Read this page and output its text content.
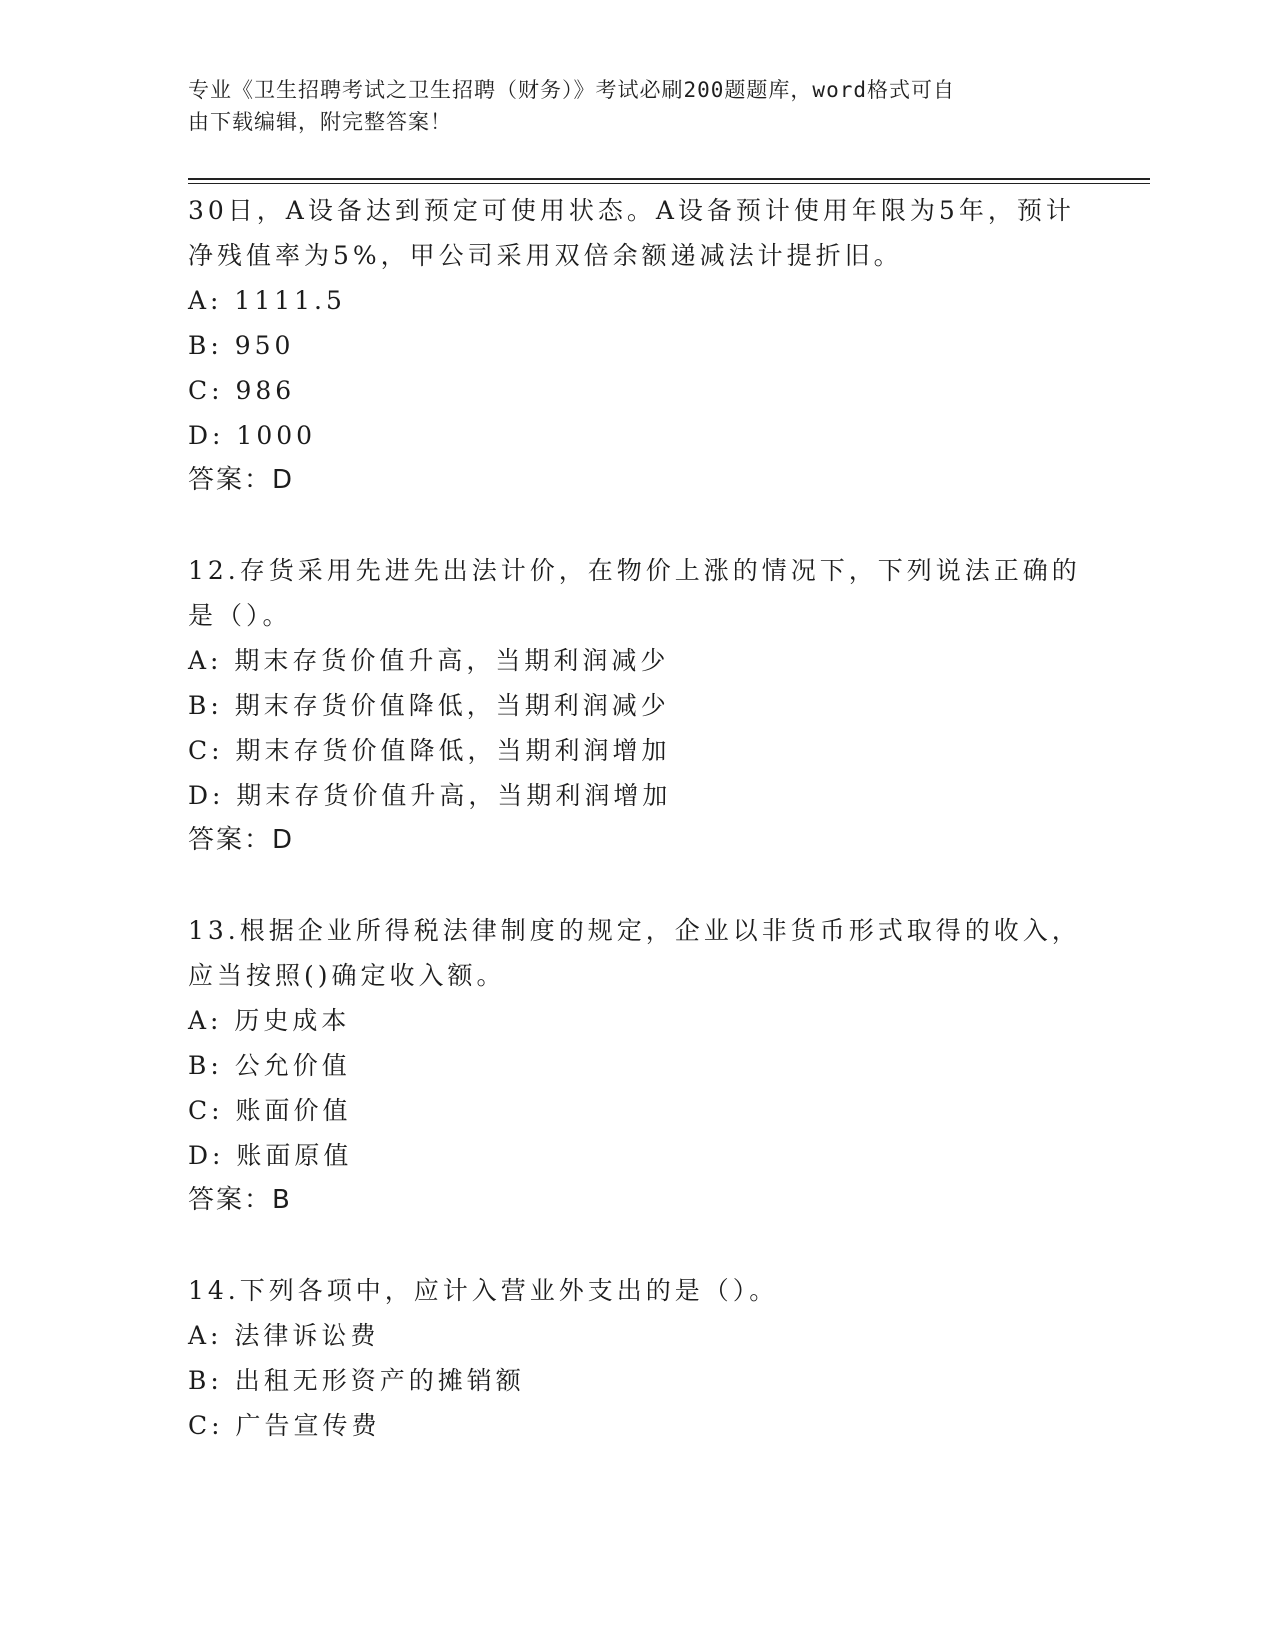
专业《卫生招聘考试之卫生招聘（财务）》考试必刷200题题库，word格式可自
由下载编辑，附完整答案！
30日，A设备达到预定可使用状态。A设备预计使用年限为5年，预计
净残值率为5%，甲公司采用双倍余额递减法计提折旧。
A: 1111.5
B: 950
C: 986
D: 1000
答案：D
12.存货采用先进先出法计价，在物价上涨的情况下，下列说法正确的
是（）。
A: 期末存货价值升高，当期利润减少
B: 期末存货价值降低，当期利润减少
C: 期末存货价值降低，当期利润增加
D: 期末存货价值升高，当期利润增加
答案：D
13.根据企业所得税法律制度的规定，企业以非货币形式取得的收入，
应当按照()确定收入额。
A: 历史成本
B: 公允价值
C: 账面价值
D: 账面原值
答案：B
14.下列各项中，应计入营业外支出的是（）。
A: 法律诉讼费
B: 出租无形资产的摊销额
C: 广告宣传费
